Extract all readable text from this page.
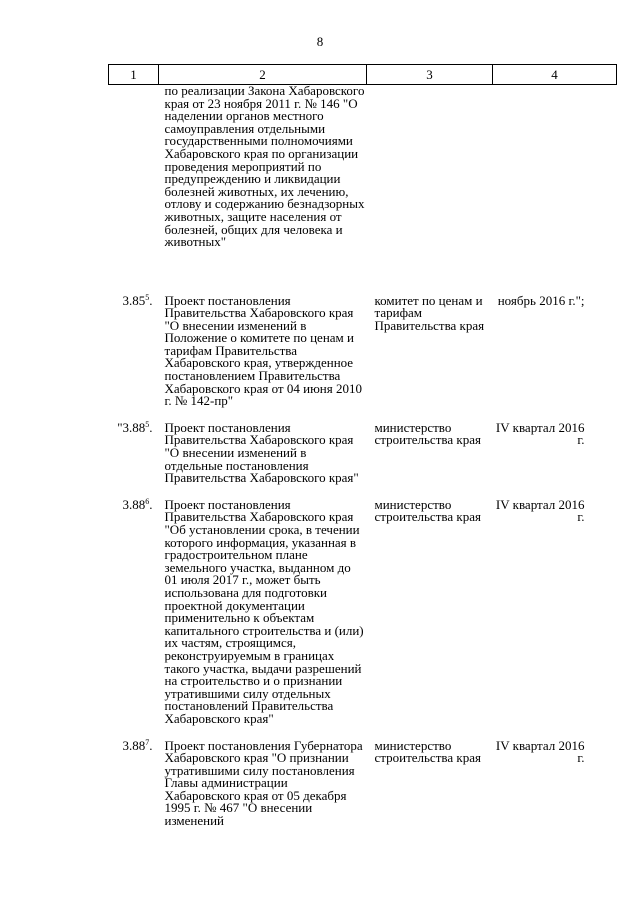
8
1	2	3	4
	по реализации Закона Хабаровского края от 23 ноября 2011 г. № 146 "О наделении органов местного самоуправления отдельными государственными полномочиями Хабаровского края по организации проведения мероприятий по предупреждению и ликвидации болезней животных, их лечению, отлову и содержанию безнадзорных животных, защите населения от болезней, общих для человека и животных"		
3.85$^5$.	Проект постановления Правительства Хабаровского края "О внесении изменений в Положение о комитете по ценам и тарифам Правительства Хабаровского края, утвержденное постановлением Правительства Хабаровского края от 04 июня 2010 г. № 142-пр"	комитет по ценам и тарифам Правительства края	ноябрь 2016 г.";
"3.88$^5$.	Проект постановления Правительства Хабаровского края "О внесении изменений в отдельные постановления Правительства Хабаровского края"	министерство строительства края	IV квартал 2016 г.
3.88$^6$.	Проект постановления Правительства Хабаровского края "Об установлении срока, в течении которого информация, указанная в градостроительном плане земельного участка, выданном до 01 июля 2017 г., может быть использована для подготовки проектной документации применительно к объектам капитального строительства и (или) их частям, строящимся, реконструируемым в границах такого участка, выдачи разрешений на строительство и о признании утратившими силу отдельных постановлений Правительства Хабаровского края"	министерство строительства края	IV квартал 2016 г.
3.88$^7$.	Проект постановления Губернатора Хабаровского края "О признании утратившими силу постановления Главы администрации Хабаровского края от 05 декабря 1995 г. № 467 "О внесении изменений	министерство строительства края	IV квартал 2016 г.
